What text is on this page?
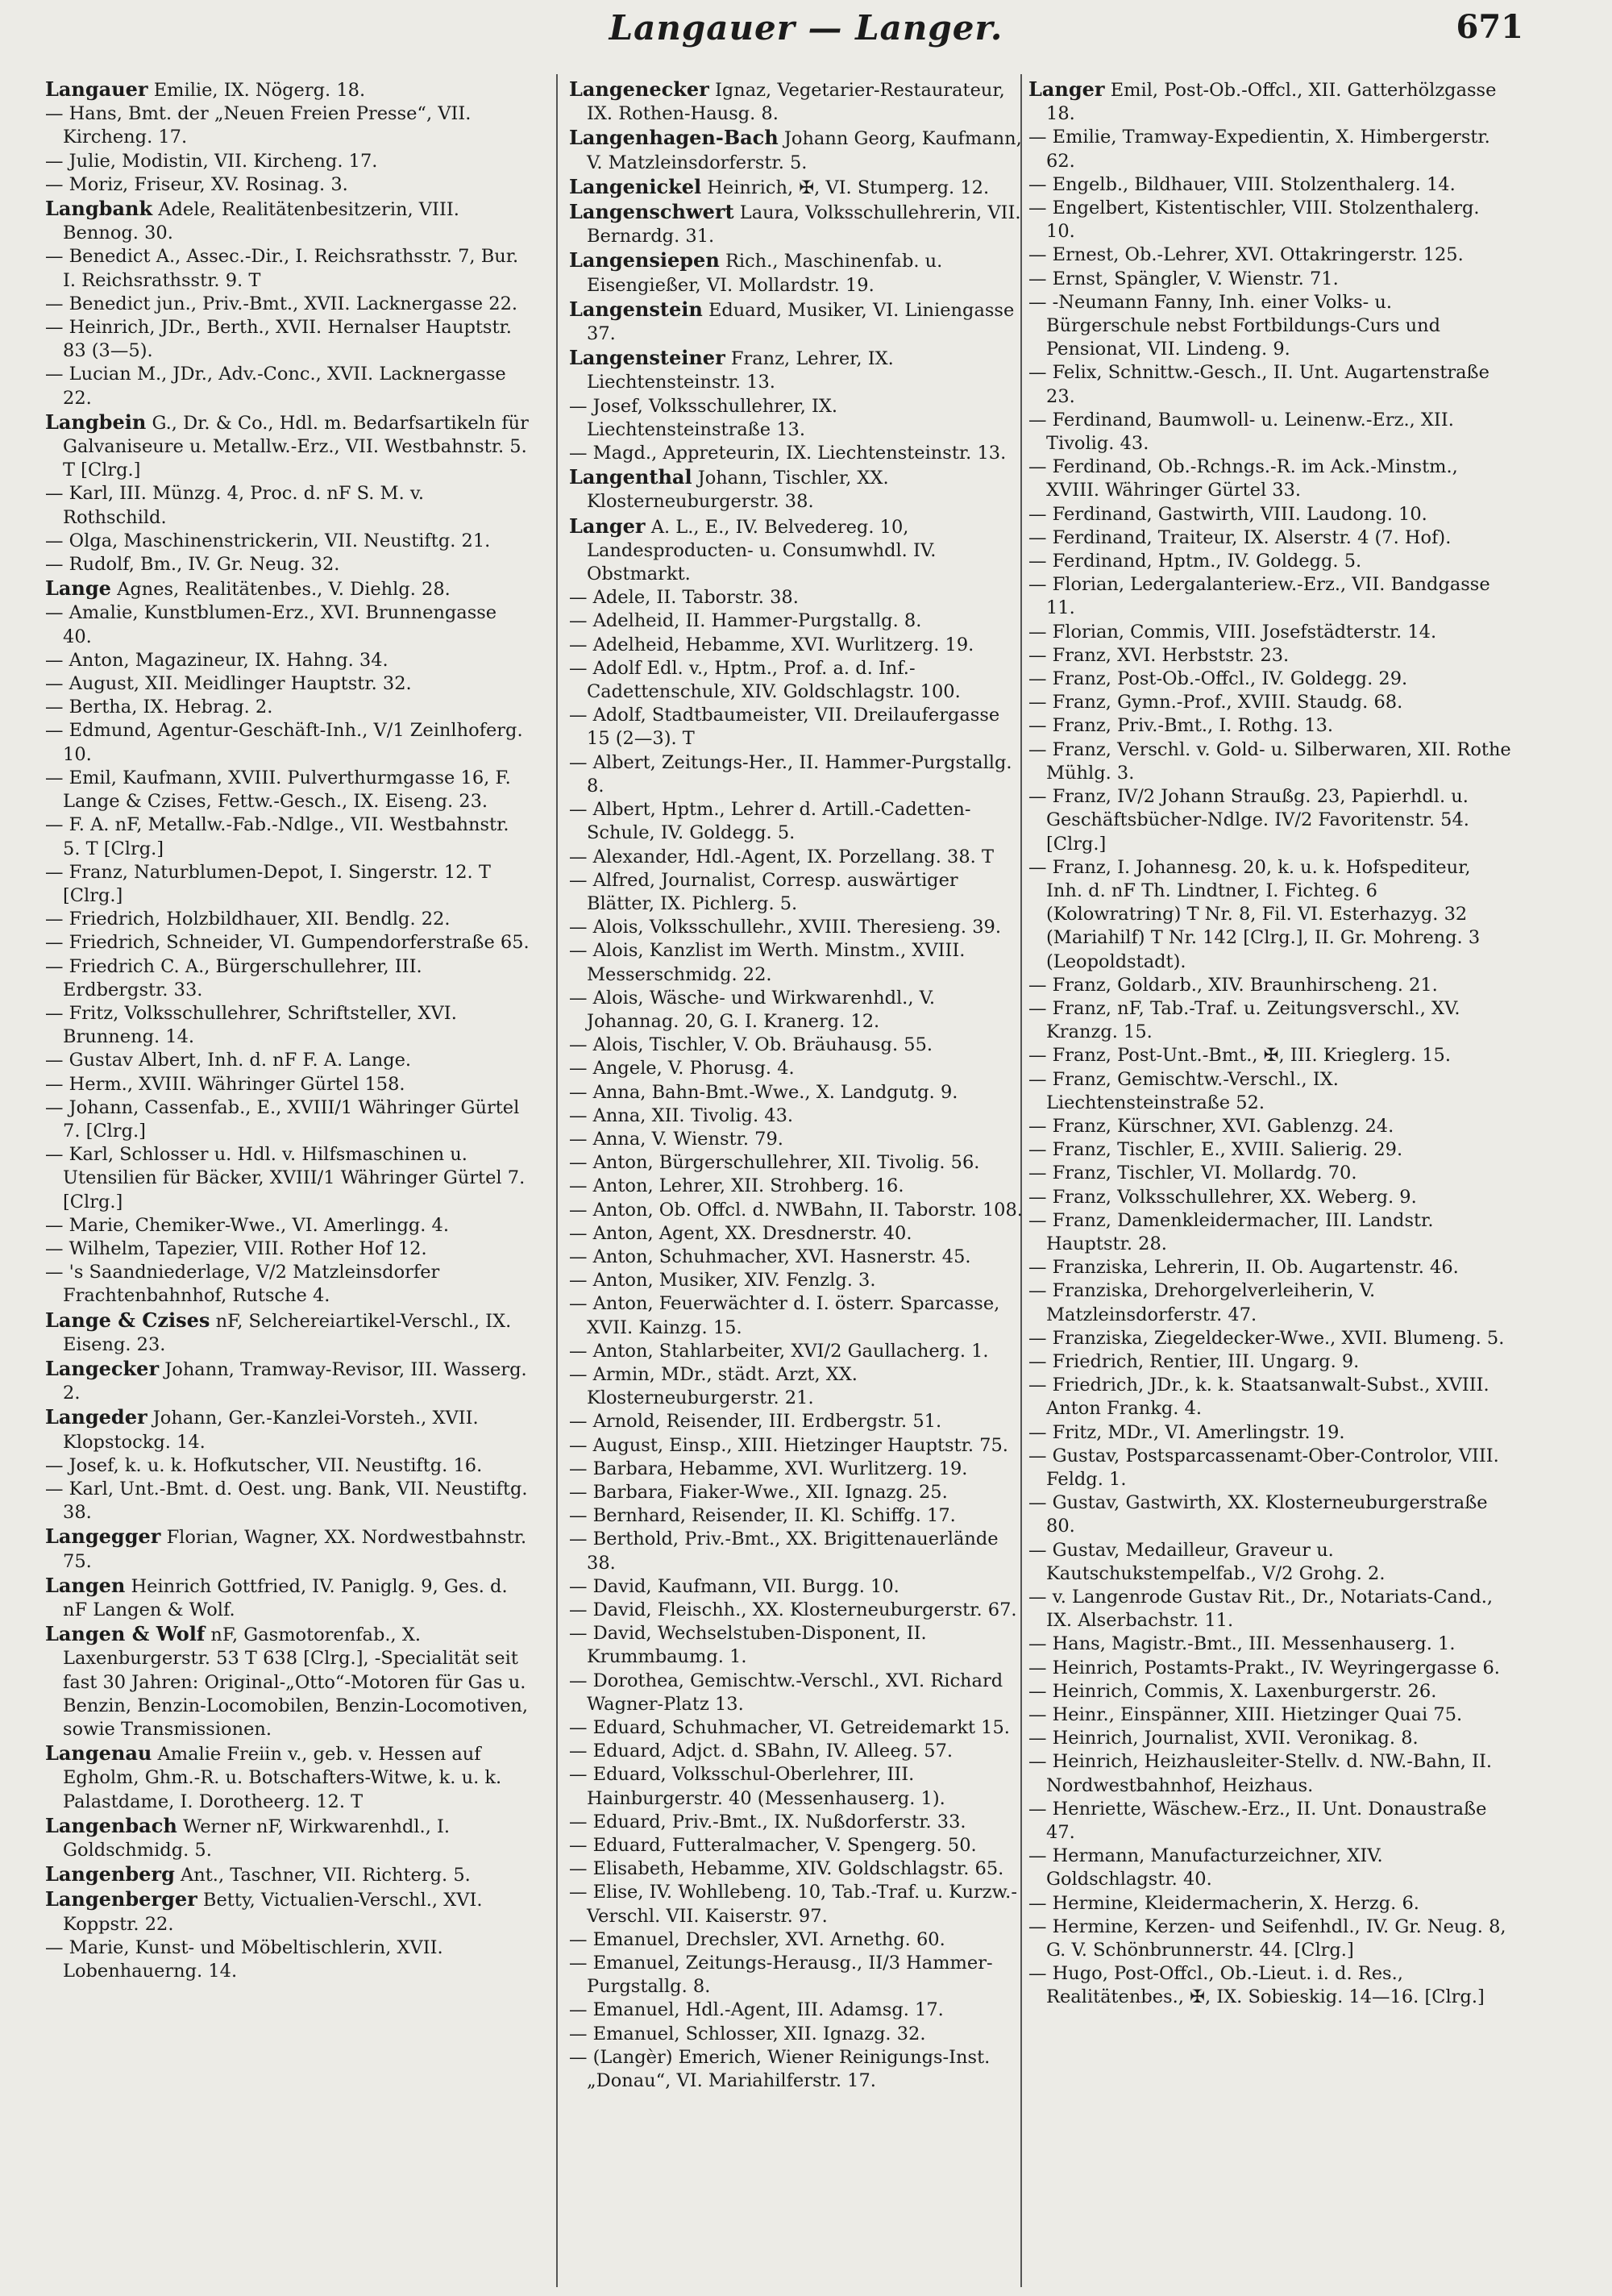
Langauer — Langer.	671

Langauer Emilie, IX. Nögerg. 18.

— Hans, Bmt. der „Neuen Freien Presse“, VII. Kircheng. 17.

— Julie, Modistin, VII. Kircheng. 17.

— Moriz, Friseur, XV. Rosinag. 3.

Langbank Adele, Realitätenbesitzerin, VIII. Bennog. 30.

— Benedict A., Assec.-Dir., I. Reichsrathsstr. 7, Bur. I. Reichsrathsstr. 9. T

— Benedict jun., Priv.-Bmt., XVII. Lacknergasse 22.

— Heinrich, JDr., Berth., XVII. Hernalser Hauptstr. 83 (3—5).

— Lucian M., JDr., Adv.-Conc., XVII. Lacknergasse 22.

Langbein G., Dr. & Co., Hdl. m. Bedarfsartikeln für Galvaniseure u. Metallw.-Erz., VII. Westbahnstr. 5. T [Clrg.]

— Karl, III. Münzg. 4, Proc. d. nF S. M. v. Rothschild.

— Olga, Maschinenstrickerin, VII. Neustiftg. 21.

— Rudolf, Bm., IV. Gr. Neug. 32.

Lange Agnes, Realitätenbes., V. Diehlg. 28.

— Amalie, Kunstblumen-Erz., XVI. Brunnengasse 40.

— Anton, Magazineur, IX. Hahng. 34.

— August, XII. Meidlinger Hauptstr. 32.

— Bertha, IX. Hebrag. 2.

— Edmund, Agentur-Geschäft-Inh., V/1 Zeinlhoferg. 10.

— Emil, Kaufmann, XVIII. Pulverthurmgasse 16, F. Lange & Czises, Fettw.-Gesch., IX. Eiseng. 23.

— F. A. nF, Metallw.-Fab.-Ndlge., VII. Westbahnstr. 5. T [Clrg.]

— Franz, Naturblumen-Depot, I. Singerstr. 12. T [Clrg.]

— Friedrich, Holzbildhauer, XII. Bendlg. 22.

— Friedrich, Schneider, VI. Gumpendorferstraße 65.

— Friedrich C. A., Bürgerschullehrer, III. Erdbergstr. 33.

— Fritz, Volksschullehrer, Schriftsteller, XVI. Brunneng. 14.

— Gustav Albert, Inh. d. nF F. A. Lange.

— Herm., XVIII. Währinger Gürtel 158.

— Johann, Cassenfab., E., XVIII/1 Währinger Gürtel 7. [Clrg.]

— Karl, Schlosser u. Hdl. v. Hilfsmaschinen u. Utensilien für Bäcker, XVIII/1 Währinger Gürtel 7. [Clrg.]

— Marie, Chemiker-Wwe., VI. Amerlingg. 4.

— Wilhelm, Tapezier, VIII. Rother Hof 12.

— 's Saandniederlage, V/2 Matzleinsdorfer Frachtenbahnhof, Rutsche 4.

Lange & Czises nF, Selchereiartikel-Verschl., IX. Eiseng. 23.

Langecker Johann, Tramway-Revisor, III. Wasserg. 2.

Langeder Johann, Ger.-Kanzlei-Vorsteh., XVII. Klopstockg. 14.

— Josef, k. u. k. Hofkutscher, VII. Neustiftg. 16.

— Karl, Unt.-Bmt. d. Oest. ung. Bank, VII. Neustiftg. 38.

Langegger Florian, Wagner, XX. Nordwestbahnstr. 75.

Langen Heinrich Gottfried, IV. Paniglg. 9, Ges. d. nF Langen & Wolf.

Langen & Wolf nF, Gasmotorenfab., X. Laxenburgerstr. 53 T 638 [Clrg.], -Specialität seit fast 30 Jahren: Original-„Otto“-Motoren für Gas u. Benzin, Benzin-Locomobilen, Benzin-Locomotiven, sowie Transmissionen.

Langenau Amalie Freiin v., geb. v. Hessen auf Egholm, Ghm.-R. u. Botschafters-Witwe, k. u. k. Palastdame, I. Dorotheerg. 12. T

Langenbach Werner nF, Wirkwarenhdl., I. Goldschmidg. 5.

Langenberg Ant., Taschner, VII. Richterg. 5.

Langenberger Betty, Victualien-Verschl., XVI. Koppstr. 22.

— Marie, Kunst- und Möbeltischlerin, XVII. Lobenhauerng. 14.

Langenecker Ignaz, Vegetarier-Restaurateur, IX. Rothen-Hausg. 8.

Langenhagen-Bach Johann Georg, Kaufmann, V. Matzleinsdorferstr. 5.

Langenickel Heinrich, ✠, VI. Stumperg. 12.

Langenschwert Laura, Volksschullehrerin, VII. Bernardg. 31.

Langensiepen Rich., Maschinenfab. u. Eisengießer, VI. Mollardstr. 19.

Langenstein Eduard, Musiker, VI. Liniengasse 37.

Langensteiner Franz, Lehrer, IX. Liechtensteinstr. 13.

— Josef, Volksschullehrer, IX. Liechtensteinstraße 13.

— Magd., Appreteurin, IX. Liechtensteinstr. 13.

Langenthal Johann, Tischler, XX. Klosterneuburgerstr. 38.

Langer A. L., E., IV. Belvedereg. 10, Landesproducten- u. Consumwhdl. IV. Obstmarkt.

— Adele, II. Taborstr. 38.

— Adelheid, II. Hammer-Purgstallg. 8.

— Adelheid, Hebamme, XVI. Wurlitzerg. 19.

— Adolf Edl. v., Hptm., Prof. a. d. Inf.-Cadettenschule, XIV. Goldschlagstr. 100.

— Adolf, Stadtbaumeister, VII. Dreilaufergasse 15 (2—3). T

— Albert, Zeitungs-Her., II. Hammer-Purgstallg. 8.

— Albert, Hptm., Lehrer d. Artill.-Cadetten-Schule, IV. Goldegg. 5.

— Alexander, Hdl.-Agent, IX. Porzellang. 38. T

— Alfred, Journalist, Corresp. auswärtiger Blätter, IX. Pichlerg. 5.

— Alois, Volksschullehr., XVIII. Theresieng. 39.

— Alois, Kanzlist im Werth. Minstm., XVIII. Messerschmidg. 22.

— Alois, Wäsche- und Wirkwarenhdl., V. Johannag. 20, G. I. Kranerg. 12.

— Alois, Tischler, V. Ob. Bräuhausg. 55.

— Angele, V. Phorusg. 4.

— Anna, Bahn-Bmt.-Wwe., X. Landgutg. 9.

— Anna, XII. Tivolig. 43.

— Anna, V. Wienstr. 79.

— Anton, Bürgerschullehrer, XII. Tivolig. 56.

— Anton, Lehrer, XII. Strohberg. 16.

— Anton, Ob. Offcl. d. NWBahn, II. Taborstr. 108.

— Anton, Agent, XX. Dresdnerstr. 40.

— Anton, Schuhmacher, XVI. Hasnerstr. 45.

— Anton, Musiker, XIV. Fenzlg. 3.

— Anton, Feuerwächter d. I. österr. Sparcasse, XVII. Kainzg. 15.

— Anton, Stahlarbeiter, XVI/2 Gaullacherg. 1.

— Armin, MDr., städt. Arzt, XX. Klosterneuburgerstr. 21.

— Arnold, Reisender, III. Erdbergstr. 51.

— August, Einsp., XIII. Hietzinger Hauptstr. 75.

— Barbara, Hebamme, XVI. Wurlitzerg. 19.

— Barbara, Fiaker-Wwe., XII. Ignazg. 25.

— Bernhard, Reisender, II. Kl. Schiffg. 17.

— Berthold, Priv.-Bmt., XX. Brigittenauerlände 38.

— David, Kaufmann, VII. Burgg. 10.

— David, Fleischh., XX. Klosterneuburgerstr. 67.

— David, Wechselstuben-Disponent, II. Krummbaumg. 1.

— Dorothea, Gemischtw.-Verschl., XVI. Richard Wagner-Platz 13.

— Eduard, Schuhmacher, VI. Getreidemarkt 15.

— Eduard, Adjct. d. SBahn, IV. Alleeg. 57.

— Eduard, Volksschul-Oberlehrer, III. Hainburgerstr. 40 (Messenhauserg. 1).

— Eduard, Priv.-Bmt., IX. Nußdorferstr. 33.

— Eduard, Futteralmacher, V. Spengerg. 50.

— Elisabeth, Hebamme, XIV. Goldschlagstr. 65.

— Elise, IV. Wohllebeng. 10, Tab.-Traf. u. Kurzw.-Verschl. VII. Kaiserstr. 97.

— Emanuel, Drechsler, XVI. Arnethg. 60.

— Emanuel, Zeitungs-Herausg., II/3 Hammer-Purgstallg. 8.

— Emanuel, Hdl.-Agent, III. Adamsg. 17.

— Emanuel, Schlosser, XII. Ignazg. 32.

— (Langèr) Emerich, Wiener Reinigungs-Inst. „Donau“, VI. Mariahilferstr. 17.

Langer Emil, Post-Ob.-Offcl., XII. Gatterhölzgasse 18.

— Emilie, Tramway-Expedientin, X. Himbergerstr. 62.

— Engelb., Bildhauer, VIII. Stolzenthalerg. 14.

— Engelbert, Kistentischler, VIII. Stolzenthalerg. 10.

— Ernest, Ob.-Lehrer, XVI. Ottakringerstr. 125.

— Ernst, Spängler, V. Wienstr. 71.

— -Neumann Fanny, Inh. einer Volks- u. Bürgerschule nebst Fortbildungs-Curs und Pensionat, VII. Lindeng. 9.

— Felix, Schnittw.-Gesch., II. Unt. Augartenstraße 23.

— Ferdinand, Baumwoll- u. Leinenw.-Erz., XII. Tivolig. 43.

— Ferdinand, Ob.-Rchngs.-R. im Ack.-Minstm., XVIII. Währinger Gürtel 33.

— Ferdinand, Gastwirth, VIII. Laudong. 10.

— Ferdinand, Traiteur, IX. Alserstr. 4 (7. Hof).

— Ferdinand, Hptm., IV. Goldegg. 5.

— Florian, Ledergalanteriew.-Erz., VII. Bandgasse 11.

— Florian, Commis, VIII. Josefstädterstr. 14.

— Franz, XVI. Herbststr. 23.

— Franz, Post-Ob.-Offcl., IV. Goldegg. 29.

— Franz, Gymn.-Prof., XVIII. Staudg. 68.

— Franz, Priv.-Bmt., I. Rothg. 13.

— Franz, Verschl. v. Gold- u. Silberwaren, XII. Rothe Mühlg. 3.

— Franz, IV/2 Johann Straußg. 23, Papierhdl. u. Geschäftsbücher-Ndlge. IV/2 Favoritenstr. 54. [Clrg.]

— Franz, I. Johannesg. 20, k. u. k. Hofspediteur, Inh. d. nF Th. Lindtner, I. Fichteg. 6 (Kolowratring) T Nr. 8, Fil. VI. Esterhazyg. 32 (Mariahilf) T Nr. 142 [Clrg.], II. Gr. Mohreng. 3 (Leopoldstadt).

— Franz, Goldarb., XIV. Braunhirscheng. 21.

— Franz, nF, Tab.-Traf. u. Zeitungsverschl., XV. Kranzg. 15.

— Franz, Post-Unt.-Bmt., ✠, III. Krieglerg. 15.

— Franz, Gemischtw.-Verschl., IX. Liechtensteinstraße 52.

— Franz, Kürschner, XVI. Gablenzg. 24.

— Franz, Tischler, E., XVIII. Salierig. 29.

— Franz, Tischler, VI. Mollardg. 70.

— Franz, Volksschullehrer, XX. Weberg. 9.

— Franz, Damenkleidermacher, III. Landstr. Hauptstr. 28.

— Franziska, Lehrerin, II. Ob. Augartenstr. 46.

— Franziska, Drehorgelverleiherin, V. Matzleinsdorferstr. 47.

— Franziska, Ziegeldecker-Wwe., XVII. Blumeng. 5.

— Friedrich, Rentier, III. Ungarg. 9.

— Friedrich, JDr., k. k. Staatsanwalt-Subst., XVIII. Anton Frankg. 4.

— Fritz, MDr., VI. Amerlingstr. 19.

— Gustav, Postsparcassenamt-Ober-Controlor, VIII. Feldg. 1.

— Gustav, Gastwirth, XX. Klosterneuburgerstraße 80.

— Gustav, Medailleur, Graveur u. Kautschukstempelfab., V/2 Grohg. 2.

— v. Langenrode Gustav Rit., Dr., Notariats-Cand., IX. Alserbachstr. 11.

— Hans, Magistr.-Bmt., III. Messenhauserg. 1.

— Heinrich, Postamts-Prakt., IV. Weyringergasse 6.

— Heinrich, Commis, X. Laxenburgerstr. 26.

— Heinr., Einspänner, XIII. Hietzinger Quai 75.

— Heinrich, Journalist, XVII. Veronikag. 8.

— Heinrich, Heizhausleiter-Stellv. d. NW.-Bahn, II. Nordwestbahnhof, Heizhaus.

— Henriette, Wäschew.-Erz., II. Unt. Donaustraße 47.

— Hermann, Manufacturzeichner, XIV. Goldschlagstr. 40.

— Hermine, Kleidermacherin, X. Herzg. 6.

— Hermine, Kerzen- und Seifenhdl., IV. Gr. Neug. 8, G. V. Schönbrunnerstr. 44. [Clrg.]

— Hugo, Post-Offcl., Ob.-Lieut. i. d. Res., Realitätenbes., ✠, IX. Sobieskig. 14—16. [Clrg.]
